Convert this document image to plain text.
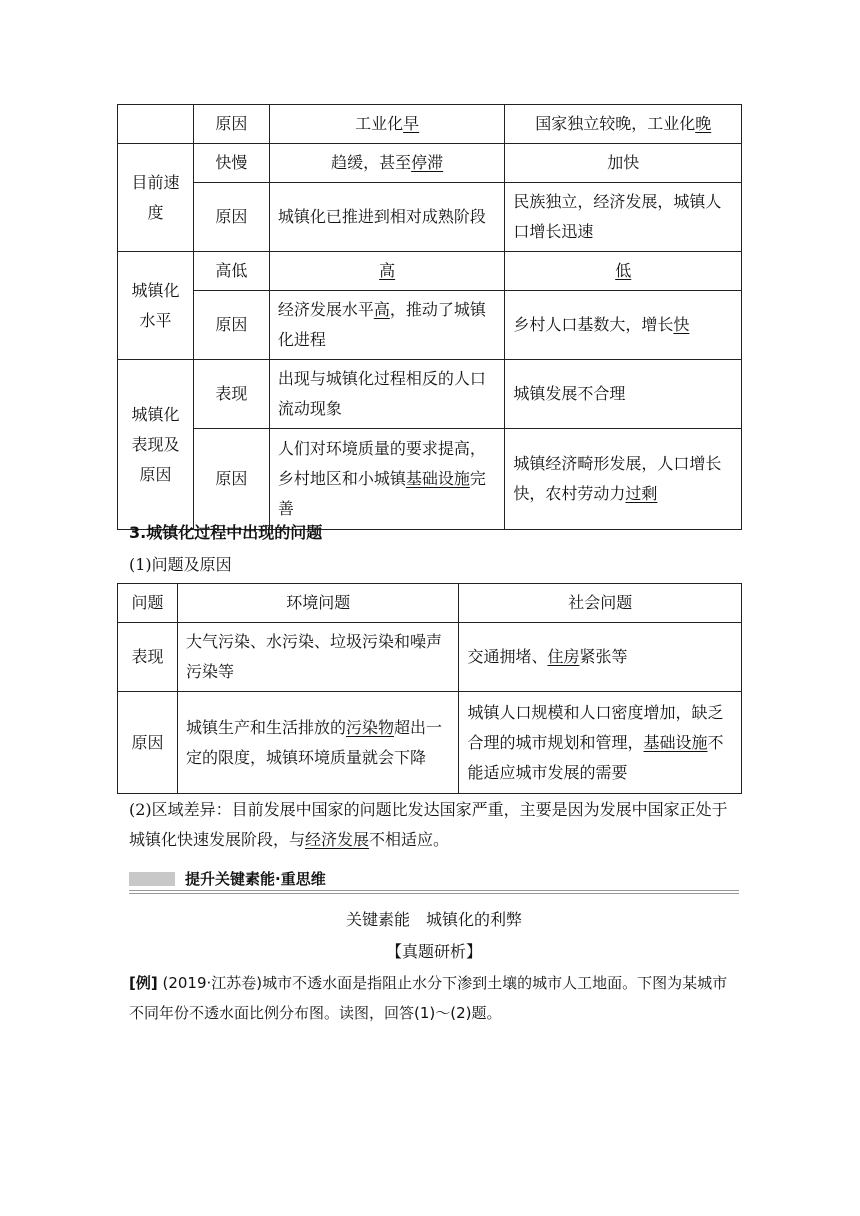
	原因	工业化早	国家独立较晚，工业化晚
目前速度	快慢	趋缓，甚至停滞	加快
	原因	城镇化已推进到相对成熟阶段	民族独立，经济发展，城镇人口增长迅速
城镇化水平	高低	高	低
	原因	经济发展水平高，推动了城镇化进程	乡村人口基数大，增长快
城镇化表现及原因	表现	出现与城镇化过程相反的人口流动现象	城镇发展不合理
	原因	人们对环境质量的要求提高，乡村地区和小城镇基础设施完善	城镇经济畸形发展，人口增长快，农村劳动力过剩
3.城镇化过程中出现的问题
(1)问题及原因
问题	环境问题	社会问题
表现	大气污染、水污染、垃圾污染和噪声污染等	交通拥堵、住房紧张等
原因	城镇生产和生活排放的污染物超出一定的限度，城镇环境质量就会下降	城镇人口规模和人口密度增加，缺乏合理的城市规划和管理，基础设施不能适应城市发展的需要
(2)区域差异：目前发展中国家的问题比发达国家严重，主要是因为发展中国家正处于城镇化快速发展阶段，与经济发展不相适应。
提升关键素能·重思维
关键素能　城镇化的利弊
【真题研析】
[例] (2019·江苏卷)城市不透水面是指阻止水分下渗到土壤的城市人工地面。下图为某城市不同年份不透水面比例分布图。读图，回答(1)～(2)题。
